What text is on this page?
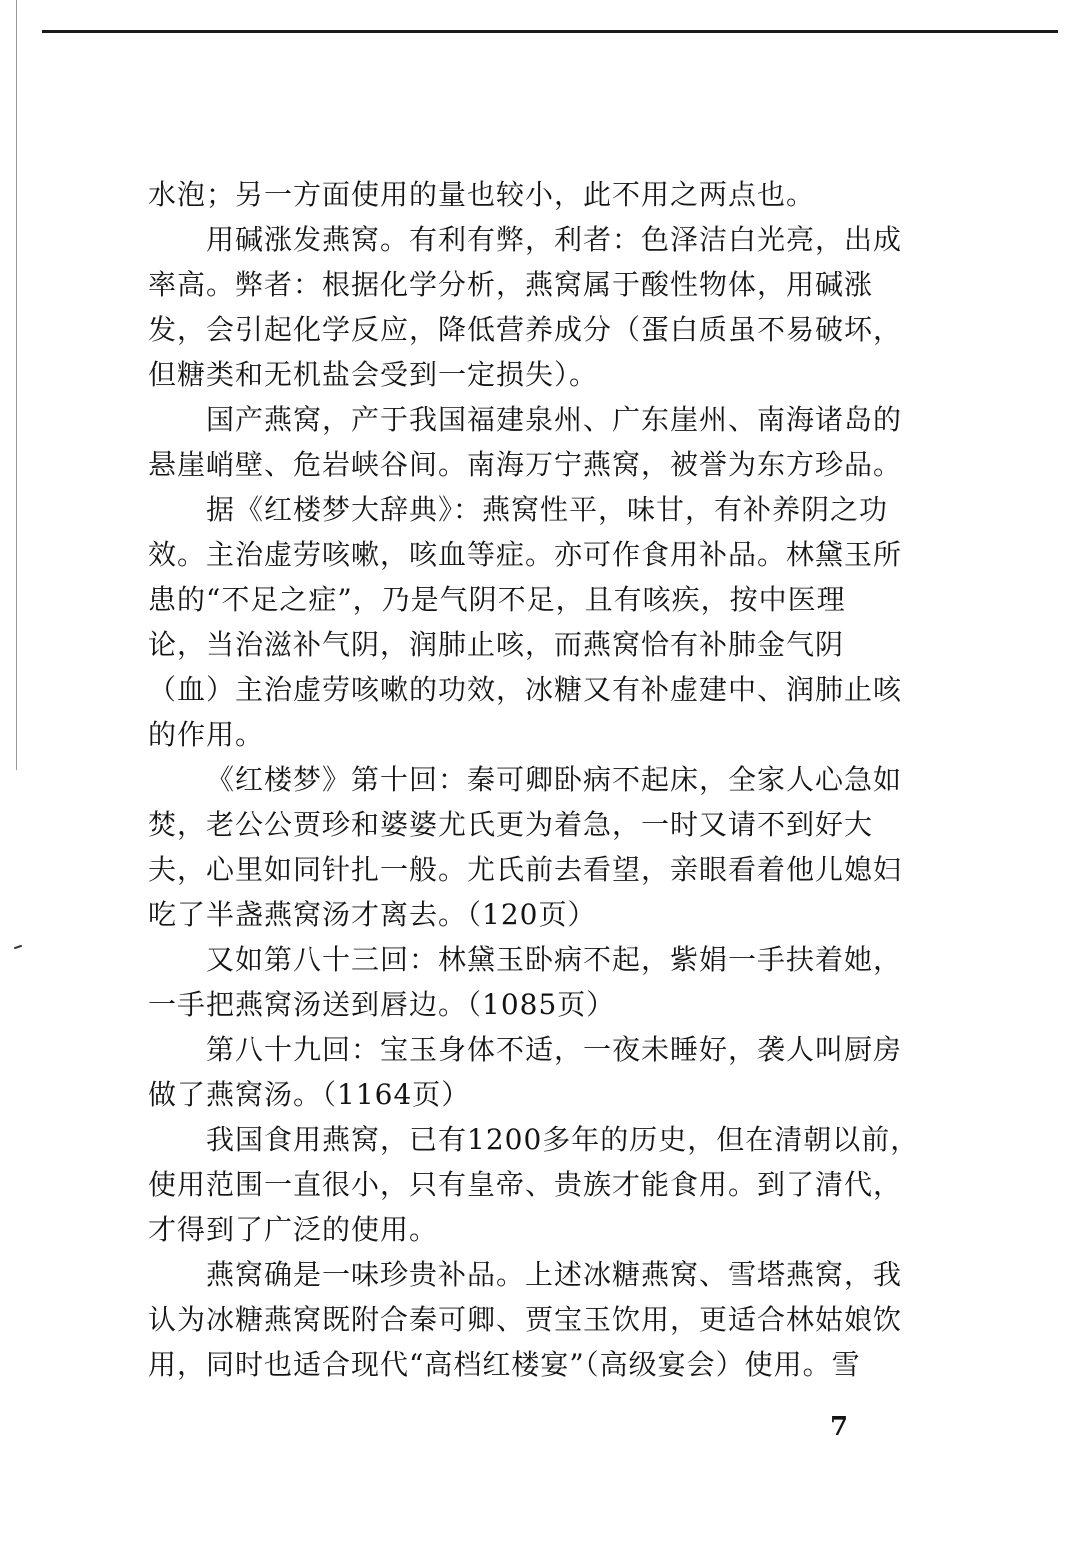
水泡；另一方面使用的量也较小，此不用之两点也。
用碱涨发燕窝。有利有弊，利者：色泽洁白光亮，出成
率高。弊者：根据化学分析，燕窝属于酸性物体，用碱涨
发，会引起化学反应，降低营养成分（蛋白质虽不易破坏，
但糖类和无机盐会受到一定损失）。
国产燕窝，产于我国福建泉州、广东崖州、南海诸岛的
悬崖峭壁、危岩峡谷间。南海万宁燕窝，被誉为东方珍品。
据《红楼梦大辞典》：燕窝性平，味甘，有补养阴之功
效。主治虚劳咳嗽，咳血等症。亦可作食用补品。林黛玉所
患的“不足之症”，乃是气阴不足，且有咳疾，按中医理
论，当治滋补气阴，润肺止咳，而燕窝恰有补肺金气阴
（血）主治虚劳咳嗽的功效，冰糖又有补虚建中、润肺止咳
的作用。
《红楼梦》第十回：秦可卿卧病不起床，全家人心急如
焚，老公公贾珍和婆婆尤氏更为着急，一时又请不到好大
夫，心里如同针扎一般。尤氏前去看望，亲眼看着他儿媳妇
吃了半盏燕窝汤才离去。（120页）
又如第八十三回：林黛玉卧病不起，紫娟一手扶着她，
一手把燕窝汤送到唇边。（1085页）
第八十九回：宝玉身体不适，一夜未睡好，袭人叫厨房
做了燕窝汤。（1164页）
我国食用燕窝，已有1200多年的历史，但在清朝以前，
使用范围一直很小，只有皇帝、贵族才能食用。到了清代，
才得到了广泛的使用。
燕窝确是一味珍贵补品。上述冰糖燕窝、雪塔燕窝，我
认为冰糖燕窝既附合秦可卿、贾宝玉饮用，更适合林姑娘饮
用，同时也适合现代“高档红楼宴”（高级宴会）使用。雪
7
